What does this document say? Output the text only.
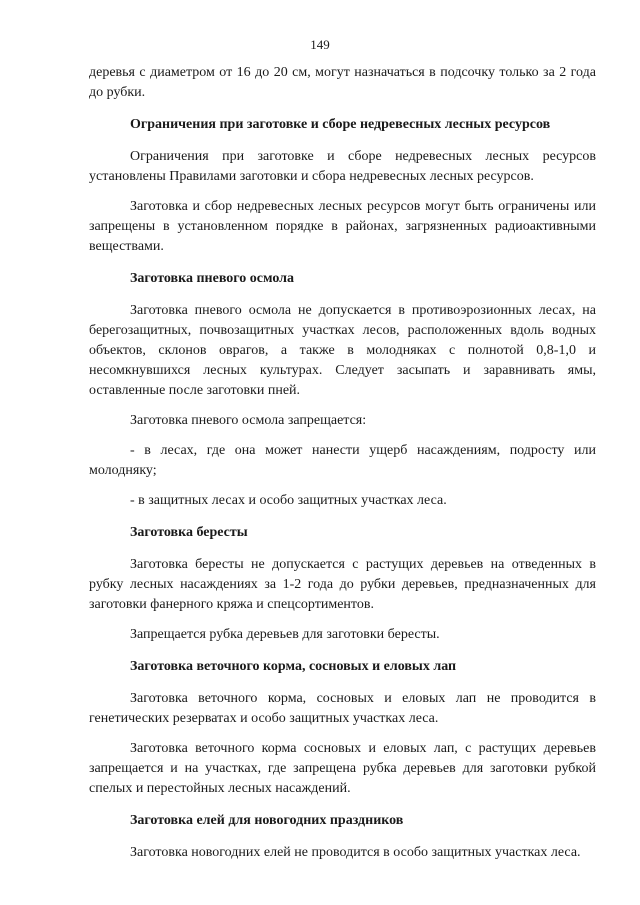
149

деревья с диаметром от 16 до 20 см, могут назначаться в подсочку только за 2 года до рубки.

Ограничения при заготовке и сборе недревесных лесных ресурсов

Ограничения при заготовке и сборе недревесных лесных ресурсов установлены Правилами заготовки и сбора недревесных лесных ресурсов.

Заготовка и сбор недревесных лесных ресурсов могут быть ограничены или запрещены в установленном порядке в районах, загрязненных радиоактивными веществами.

Заготовка пневого осмола

Заготовка пневого осмола не допускается в противоэрозионных лесах, на берегозащитных, почвозащитных участках лесов, расположенных вдоль водных объектов, склонов оврагов, а также в молодняках с полнотой 0,8-1,0 и несомкнувшихся лесных культурах. Следует засыпать и заравнивать ямы, оставленные после заготовки пней.

Заготовка пневого осмола запрещается:

- в лесах, где она может нанести ущерб насаждениям, подросту или молодняку;

- в защитных лесах и особо защитных участках леса.

Заготовка бересты

Заготовка бересты не допускается с растущих деревьев на отведенных в рубку лесных насаждениях за 1-2 года до рубки деревьев, предназначенных для заготовки фанерного кряжа и спецсортиментов.

Запрещается рубка деревьев для заготовки бересты.

Заготовка веточного корма, сосновых и еловых лап

Заготовка веточного корма, сосновых и еловых лап не проводится в генетических резерватах и особо защитных участках леса.

Заготовка веточного корма сосновых и еловых лап, с растущих деревьев запрещается и на участках, где запрещена рубка деревьев для заготовки рубкой спелых и перестойных лесных насаждений.

Заготовка елей для новогодних праздников

Заготовка новогодних елей не проводится в особо защитных участках леса.
